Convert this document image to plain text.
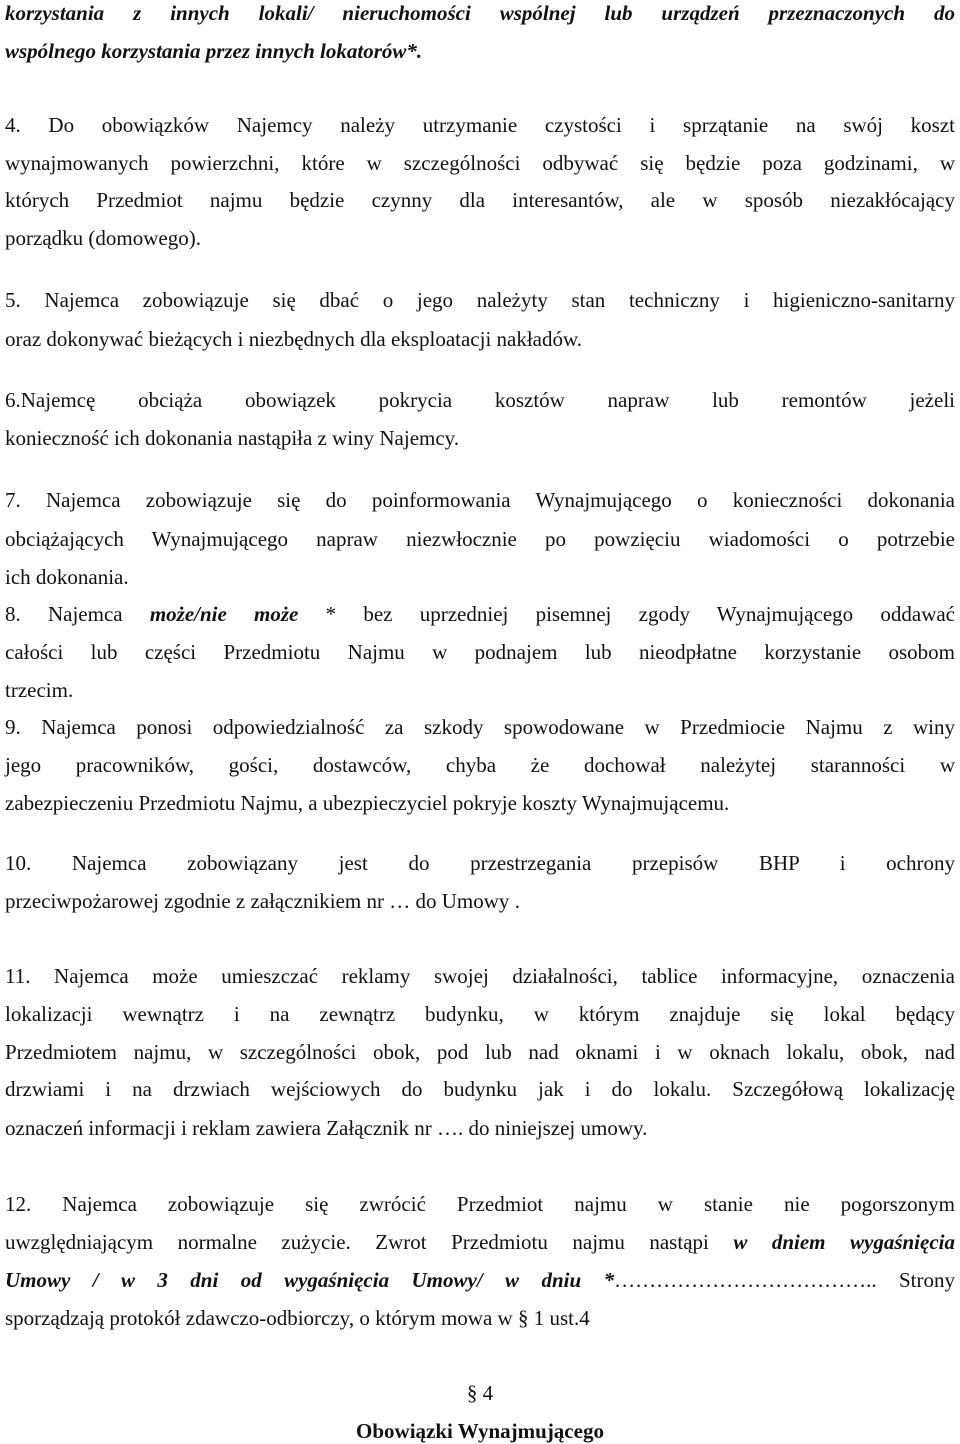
korzystania z innych lokali/ nieruchomości wspólnej lub urządzeń przeznaczonych do
wspólnego korzystania przez innych lokatorów*.
4. Do obowiązków Najemcy należy utrzymanie czystości i sprzątanie na swój koszt
wynajmowanych powierzchni, które w szczególności odbywać się będzie poza godzinami, w
których Przedmiot najmu będzie czynny dla interesantów, ale w sposób niezakłócający
porządku (domowego).
5. Najemca zobowiązuje się dbać o jego należyty stan techniczny i higieniczno-sanitarny
oraz dokonywać bieżących i niezbędnych dla eksploatacji nakładów.
6.Najemcę obciąża obowiązek pokrycia kosztów napraw lub remontów jeżeli
konieczność ich dokonania nastąpiła z winy Najemcy.
7. Najemca zobowiązuje się do poinformowania Wynajmującego o konieczności dokonania
obciążających Wynajmującego napraw niezwłocznie po powzięciu wiadomości o potrzebie
ich dokonania.
8. Najemca może/nie może * bez uprzedniej pisemnej zgody Wynajmującego oddawać
całości lub części Przedmiotu Najmu w podnajem lub nieodpłatne korzystanie osobom
trzecim.
9. Najemca ponosi odpowiedzialność za szkody spowodowane w Przedmiocie Najmu z winy
jego pracowników, gości, dostawców, chyba że dochował należytej staranności w
zabezpieczeniu Przedmiotu Najmu, a ubezpieczyciel pokryje koszty Wynajmującemu.
10. Najemca zobowiązany jest do przestrzegania przepisów BHP i ochrony
przeciwpożarowej zgodnie z załącznikiem nr … do Umowy .
11. Najemca może umieszczać reklamy swojej działalności, tablice informacyjne, oznaczenia
lokalizacji wewnątrz i na zewnątrz budynku, w którym znajduje się lokal będący
Przedmiotem najmu, w szczególności obok, pod lub nad oknami i w oknach lokalu, obok, nad
drzwiami i na drzwiach wejściowych do budynku jak i do lokalu. Szczegółową lokalizację
oznaczeń informacji i reklam zawiera Załącznik nr …. do niniejszej umowy.
12. Najemca zobowiązuje się zwrócić Przedmiot najmu w stanie nie pogorszonym
uwzględniającym normalne zużycie. Zwrot Przedmiotu najmu nastąpi w dniem wygaśnięcia
Umowy / w 3 dni od wygaśnięcia Umowy/ w dniu *……………………………….. Strony
sporządzają protokół zdawczo-odbiorczy, o którym mowa w § 1 ust.4
§ 4
Obowiązki Wynajmującego
